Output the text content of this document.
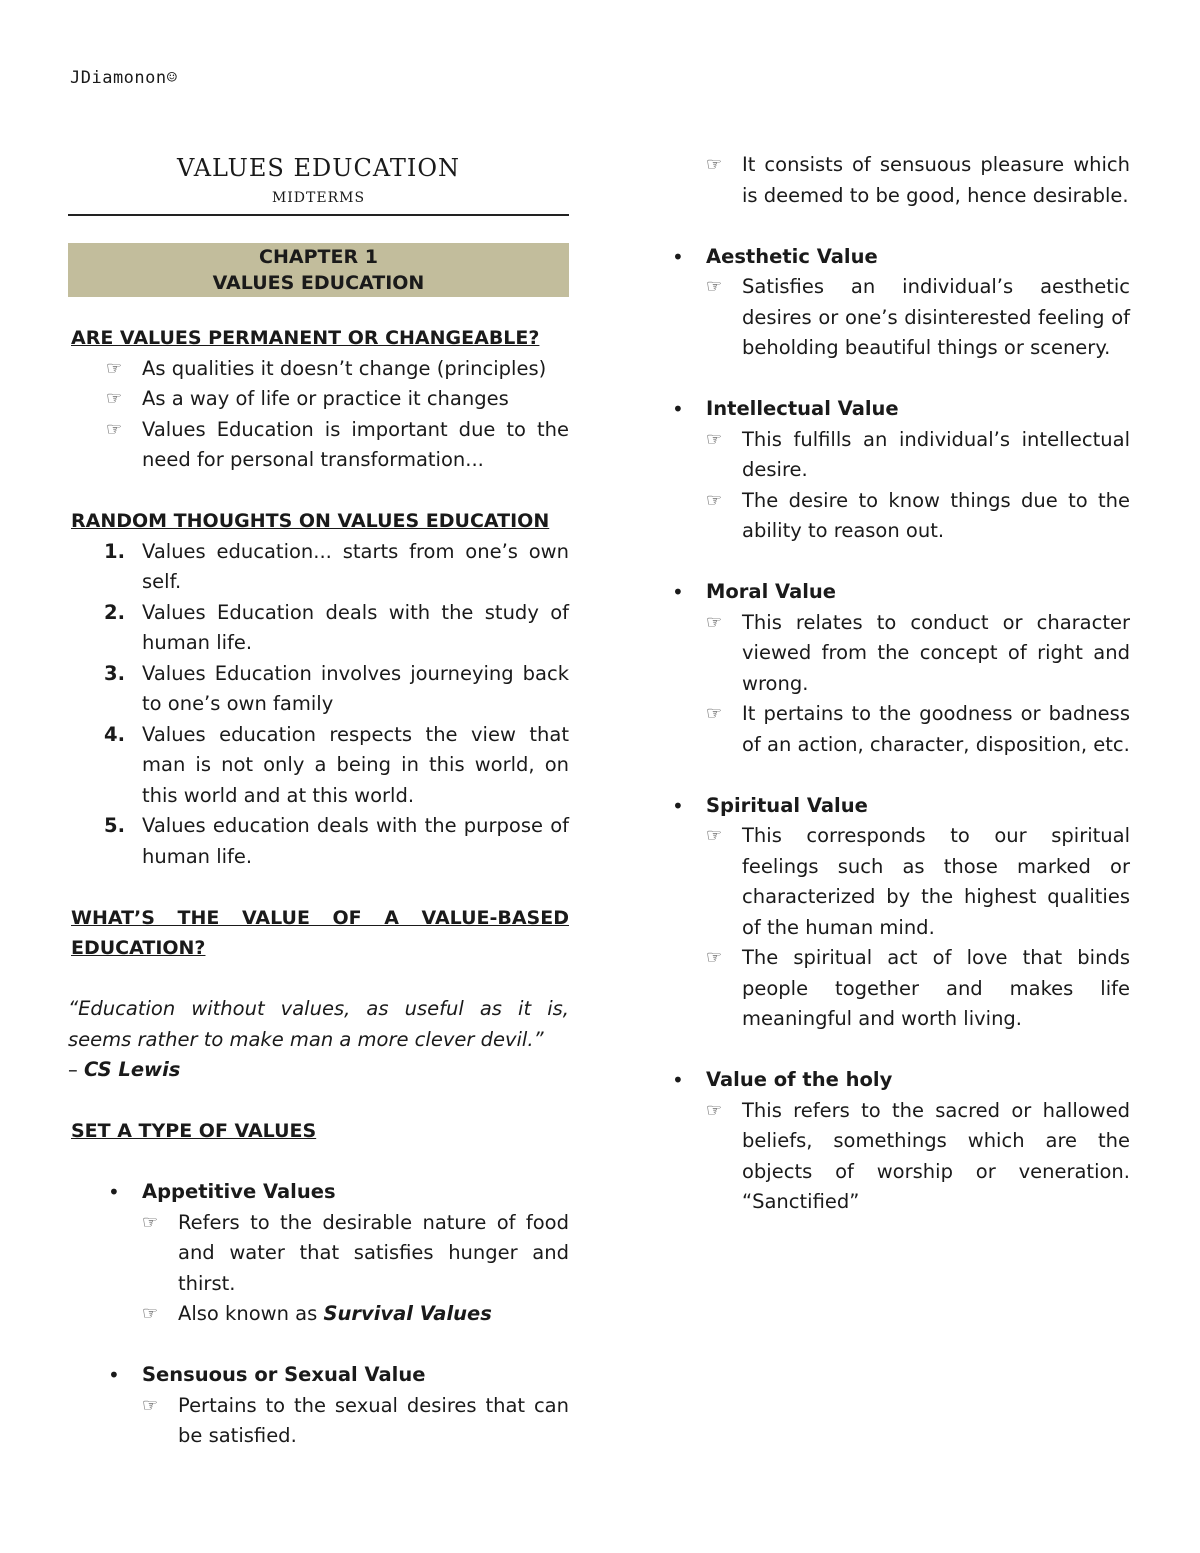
JDiamonon☺
VALUES EDUCATION
MIDTERMS
CHAPTER 1
VALUES EDUCATION
ARE VALUES PERMANENT OR CHANGEABLE?
☞ As qualities it doesn’t change (principles)
☞ As a way of life or practice it changes
☞ Values Education is important due to the need for personal transformation...
RANDOM THOUGHTS ON VALUES EDUCATION
1. Values education... starts from one’s own self.
2. Values Education deals with the study of human life.
3. Values Education involves journeying back to one’s own family
4. Values education respects the view that man is not only a being in this world, on this world and at this world.
5. Values education deals with the purpose of human life.
WHAT’S THE VALUE OF A VALUE-BASED EDUCATION?
“Education without values, as useful as it is, seems rather to make man a more clever devil.”
– CS Lewis
SET A TYPE OF VALUES
• Appetitive Values
☞ Refers to the desirable nature of food and water that satisfies hunger and thirst.
☞ Also known as Survival Values
• Sensuous or Sexual Value
☞ Pertains to the sexual desires that can be satisfied.
☞ It consists of sensuous pleasure which is deemed to be good, hence desirable.
• Aesthetic Value
☞ Satisfies an individual’s aesthetic desires or one’s disinterested feeling of beholding beautiful things or scenery.
• Intellectual Value
☞ This fulfills an individual’s intellectual desire.
☞ The desire to know things due to the ability to reason out.
• Moral Value
☞ This relates to conduct or character viewed from the concept of right and wrong.
☞ It pertains to the goodness or badness of an action, character, disposition, etc.
• Spiritual Value
☞ This corresponds to our spiritual feelings such as those marked or characterized by the highest qualities of the human mind.
☞ The spiritual act of love that binds people together and makes life meaningful and worth living.
• Value of the holy
☞ This refers to the sacred or hallowed beliefs, somethings which are the objects of worship or veneration. “Sanctified”
